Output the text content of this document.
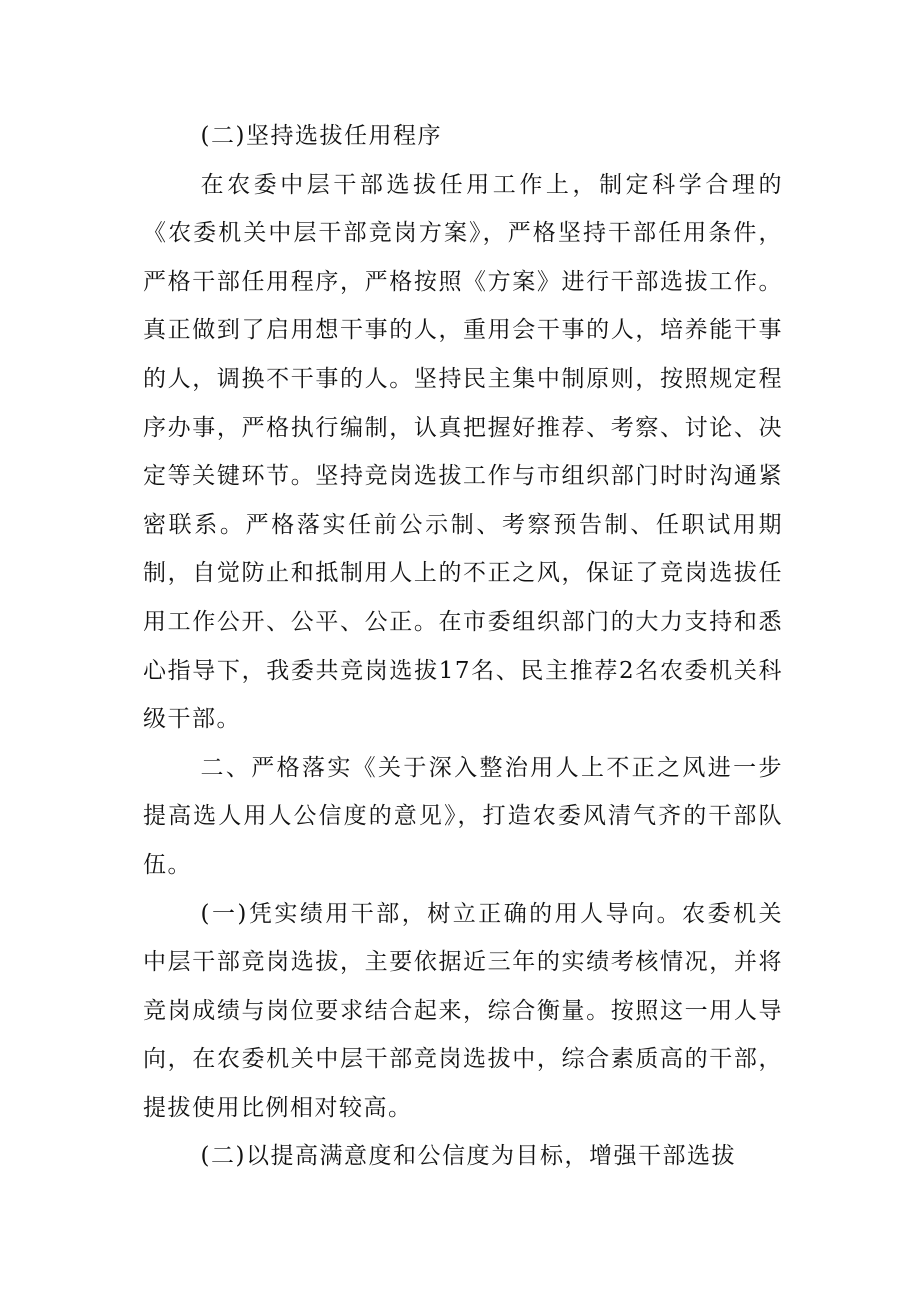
(二)坚持选拔任用程序

在农委中层干部选拔任用工作上，制定科学合理的《农委机关中层干部竞岗方案》，严格坚持干部任用条件，严格干部任用程序，严格按照《方案》进行干部选拔工作。真正做到了启用想干事的人，重用会干事的人，培养能干事的人，调换不干事的人。坚持民主集中制原则，按照规定程序办事，严格执行编制，认真把握好推荐、考察、讨论、决定等关键环节。坚持竞岗选拔工作与市组织部门时时沟通紧密联系。严格落实任前公示制、考察预告制、任职试用期制，自觉防止和抵制用人上的不正之风，保证了竞岗选拔任用工作公开、公平、公正。在市委组织部门的大力支持和悉心指导下，我委共竞岗选拔17名、民主推荐2名农委机关科级干部。

二、严格落实《关于深入整治用人上不正之风进一步提高选人用人公信度的意见》，打造农委风清气齐的干部队伍。

(一)凭实绩用干部，树立正确的用人导向。农委机关中层干部竞岗选拔，主要依据近三年的实绩考核情况，并将竞岗成绩与岗位要求结合起来，综合衡量。按照这一用人导向，在农委机关中层干部竞岗选拔中，综合素质高的干部，提拔使用比例相对较高。

(二)以提高满意度和公信度为目标，增强干部选拔
